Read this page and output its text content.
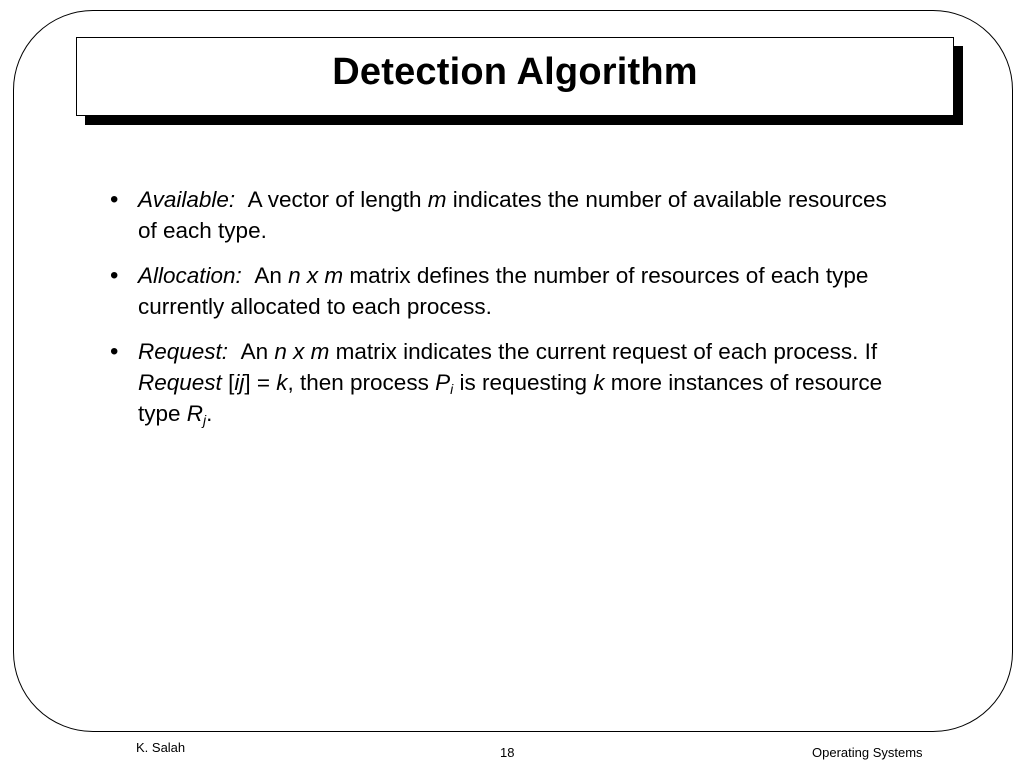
Detection Algorithm
• Available: A vector of length m indicates the number of available resources of each type.
• Allocation: An n x m matrix defines the number of resources of each type currently allocated to each process.
• Request: An n x m matrix indicates the current request of each process. If Request [ij] = k, then process $P_i$ is requesting k more instances of resource type $R_j$.
K. Salah	18	Operating Systems
